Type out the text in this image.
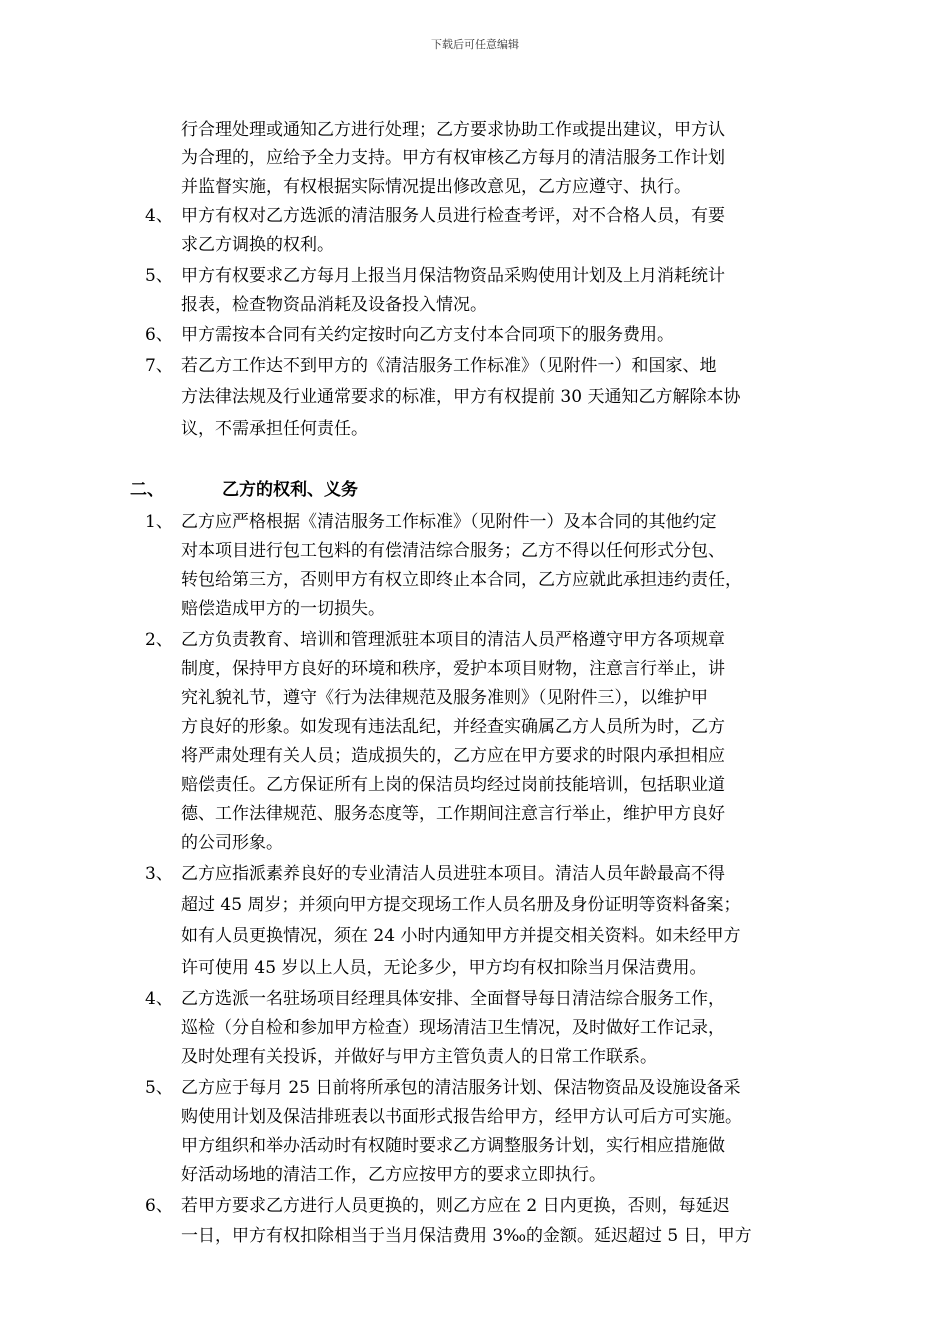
下载后可任意编辑
行合理处理或通知乙方进行处理；乙方要求协助工作或提出建议，甲方认
为合理的，应给予全力支持。甲方有权审核乙方每月的清洁服务工作计划
并监督实施，有权根据实际情况提出修改意见，乙方应遵守、执行。
4、 甲方有权对乙方选派的清洁服务人员进行检查考评，对不合格人员，有要
求乙方调换的权利。
5、 甲方有权要求乙方每月上报当月保洁物资品采购使用计划及上月消耗统计
报表，检查物资品消耗及设备投入情况。
6、 甲方需按本合同有关约定按时向乙方支付本合同项下的服务费用。
7、 若乙方工作达不到甲方的《清洁服务工作标准》（见附件一）和国家、地
方法律法规及行业通常要求的标准，甲方有权提前 30 天通知乙方解除本协
议，不需承担任何责任。
二、	乙方的权利、义务
1、 乙方应严格根据《清洁服务工作标准》（见附件一）及本合同的其他约定
对本项目进行包工包料的有偿清洁综合服务；乙方不得以任何形式分包、
转包给第三方，否则甲方有权立即终止本合同，乙方应就此承担违约责任，
赔偿造成甲方的一切损失。
2、 乙方负责教育、培训和管理派驻本项目的清洁人员严格遵守甲方各项规章
制度，保持甲方良好的环境和秩序，爱护本项目财物，注意言行举止，讲
究礼貌礼节，遵守《行为法律规范及服务准则》（见附件三），以维护甲
方良好的形象。如发现有违法乱纪，并经查实确属乙方人员所为时，乙方
将严肃处理有关人员；造成损失的，乙方应在甲方要求的时限内承担相应
赔偿责任。乙方保证所有上岗的保洁员均经过岗前技能培训，包括职业道
德、工作法律规范、服务态度等，工作期间注意言行举止，维护甲方良好
的公司形象。
3、 乙方应指派素养良好的专业清洁人员进驻本项目。清洁人员年龄最高不得
超过 45 周岁；并须向甲方提交现场工作人员名册及身份证明等资料备案；
如有人员更换情况，须在 24 小时内通知甲方并提交相关资料。如未经甲方
许可使用 45 岁以上人员，无论多少，甲方均有权扣除当月保洁费用。
4、 乙方选派一名驻场项目经理具体安排、全面督导每日清洁综合服务工作，
巡检（分自检和参加甲方检查）现场清洁卫生情况，及时做好工作记录，
及时处理有关投诉，并做好与甲方主管负责人的日常工作联系。
5、 乙方应于每月 25 日前将所承包的清洁服务计划、保洁物资品及设施设备采
购使用计划及保洁排班表以书面形式报告给甲方，经甲方认可后方可实施。
甲方组织和举办活动时有权随时要求乙方调整服务计划，实行相应措施做
好活动场地的清洁工作，乙方应按甲方的要求立即执行。
6、 若甲方要求乙方进行人员更换的，则乙方应在 2 日内更换，否则，每延迟
一日，甲方有权扣除相当于当月保洁费用 3‰的金额。延迟超过 5 日，甲方
